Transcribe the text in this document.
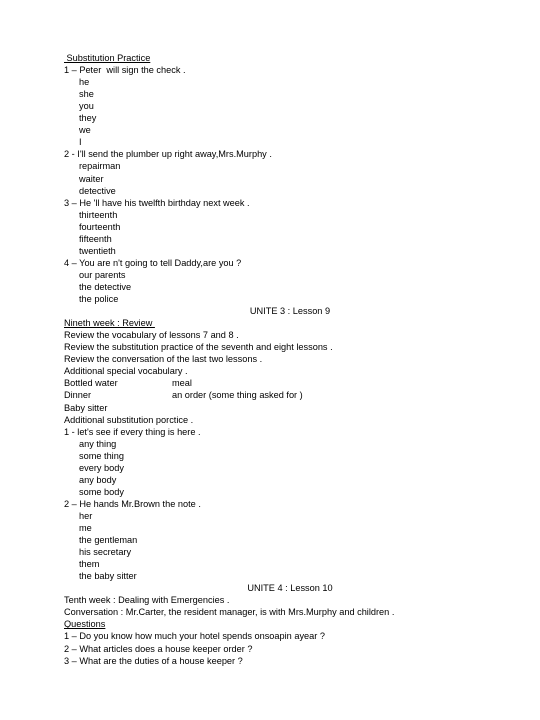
Substitution Practice
1 – Peter  will sign the check .
he
she
you
they
we
I
2 - I'll send the plumber up right away,Mrs.Murphy .
repairman
waiter
detective
3 – He 'll have his twelfth birthday next week .
thirteenth
fourteenth
fifteenth
twentieth
4 – You are n't going to tell Daddy,are you ?
our parents
the detective
the police
UNITE 3 : Lesson 9
Nineth week : Review
Review the vocabulary of lessons 7 and 8 .
Review the substitution practice of the seventh and eight lessons .
Review the conversation of the last two lessons .
Additional special vocabulary .
Bottled water	meal
Dinner	an order (some thing asked for )
Baby sitter
Additional substitution porctice .
1 - let's see if every thing is here .
any thing
some thing
every body
any body
some body
2 – He hands Mr.Brown the note .
her
me
the gentleman
his secretary
them
the baby sitter
UNITE 4 : Lesson 10
Tenth week : Dealing with Emergencies .
Conversation : Mr.Carter, the resident manager, is with Mrs.Murphy and children .
Questions
1 – Do you know how much your hotel spends onsoapin ayear ?
2 – What articles does a house keeper order ?
3 – What are the duties of a house keeper ?
